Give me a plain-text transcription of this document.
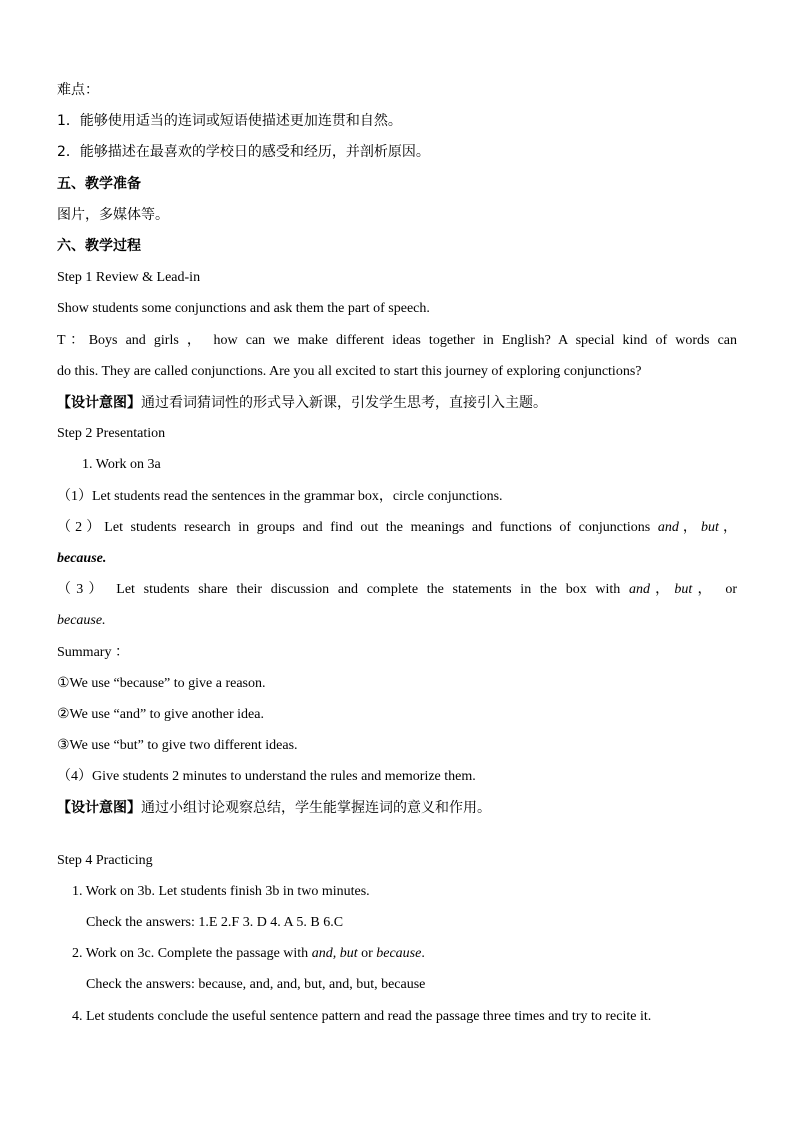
难点：
1．能够使用适当的连词或短语使描述更加连贯和自然。
2．能够描述在最喜欢的学校日的感受和经历，并剖析原因。
五、教学准备
图片，多媒体等。
六、教学过程
Step 1 Review & Lead-in
Show students some conjunctions and ask them the part of speech.
T：Boys and girls ， how can we make different ideas together in English? A special kind of words can
do this. They are called conjunctions. Are you all excited to start this journey of exploring conjunctions?
【设计意图】通过看词猜词性的形式导入新课，引发学生思考，直接引入主题。
Step 2 Presentation
1. Work on 3a
（1）Let students read the sentences in the grammar box，circle conjunctions.
（2）Let students research in groups and find out the meanings and functions of conjunctions and，but，
because.
（3） Let students share their discussion and complete the statements in the box with and，but， or
because.
Summary ：
①We use “because” to give a reason.
②We use “and” to give another idea.
③We use “but” to give two different ideas.
（4）Give students 2 minutes to understand the rules and memorize them.
【设计意图】通过小组讨论观察总结，学生能掌握连词的意义和作用。
Step 4 Practicing
1. Work on 3b. Let students finish 3b in two minutes.
Check the answers: 1.E 2.F 3. D 4. A 5. B 6.C
2. Work on 3c. Complete the passage with and, but or because.
Check the answers: because, and, and, but, and, but, because
4. Let students conclude the useful sentence pattern and read the passage three times and try to recite it.
